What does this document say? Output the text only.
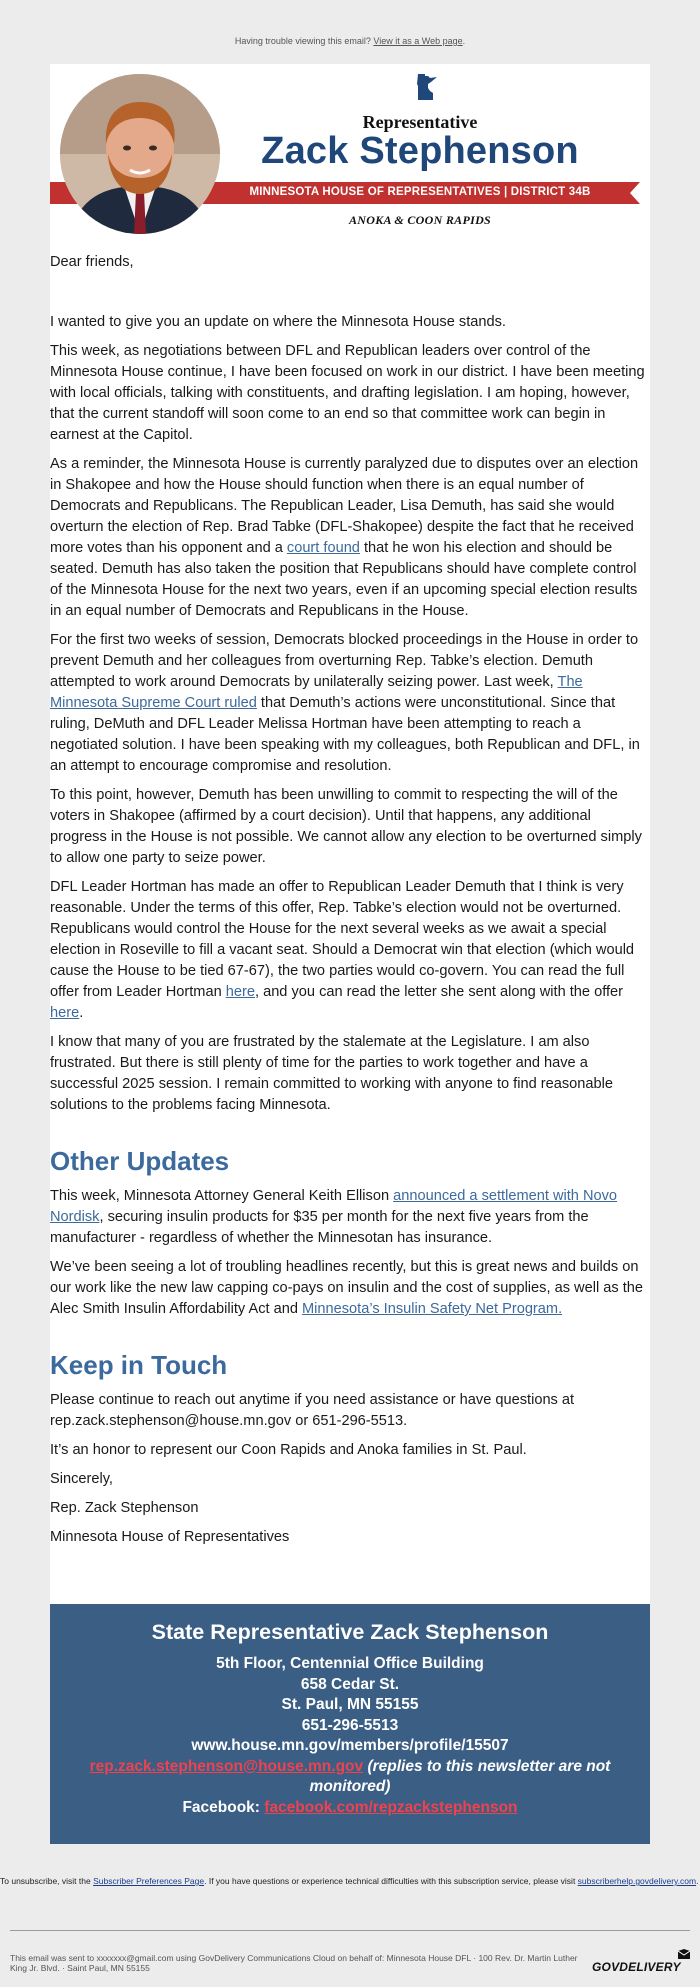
Having trouble viewing this email? View it as a Web page.
Representative
Zack Stephenson
MINNESOTA HOUSE OF REPRESENTATIVES | DISTRICT 34B
ANOKA & COON RAPIDS

Dear friends,

I wanted to give you an update on where the Minnesota House stands.

This week, as negotiations between DFL and Republican leaders over control of the Minnesota House continue, I have been focused on work in our district. I have been meeting with local officials, talking with constituents, and drafting legislation. I am hoping, however, that the current standoff will soon come to an end so that committee work can begin in earnest at the Capitol.

As a reminder, the Minnesota House is currently paralyzed due to disputes over an election in Shakopee and how the House should function when there is an equal number of Democrats and Republicans. The Republican Leader, Lisa Demuth, has said she would overturn the election of Rep. Brad Tabke (DFL-Shakopee) despite the fact that he received more votes than his opponent and a court found that he won his election and should be seated. Demuth has also taken the position that Republicans should have complete control of the Minnesota House for the next two years, even if an upcoming special election results in an equal number of Democrats and Republicans in the House.

For the first two weeks of session, Democrats blocked proceedings in the House in order to prevent Demuth and her colleagues from overturning Rep. Tabke’s election. Demuth attempted to work around Democrats by unilaterally seizing power. Last week, The Minnesota Supreme Court ruled that Demuth’s actions were unconstitutional. Since that ruling, DeMuth and DFL Leader Melissa Hortman have been attempting to reach a negotiated solution. I have been speaking with my colleagues, both Republican and DFL, in an attempt to encourage compromise and resolution.

To this point, however, Demuth has been unwilling to commit to respecting the will of the voters in Shakopee (affirmed by a court decision). Until that happens, any additional progress in the House is not possible. We cannot allow any election to be overturned simply to allow one party to seize power.

DFL Leader Hortman has made an offer to Republican Leader Demuth that I think is very reasonable. Under the terms of this offer, Rep. Tabke’s election would not be overturned. Republicans would control the House for the next several weeks as we await a special election in Roseville to fill a vacant seat. Should a Democrat win that election (which would cause the House to be tied 67-67), the two parties would co-govern. You can read the full offer from Leader Hortman here, and you can read the letter she sent along with the offer here.

I know that many of you are frustrated by the stalemate at the Legislature. I am also frustrated. But there is still plenty of time for the parties to work together and have a successful 2025 session. I remain committed to working with anyone to find reasonable solutions to the problems facing Minnesota.

Other Updates

This week, Minnesota Attorney General Keith Ellison announced a settlement with Novo Nordisk, securing insulin products for $35 per month for the next five years from the manufacturer - regardless of whether the Minnesotan has insurance.

We’ve been seeing a lot of troubling headlines recently, but this is great news and builds on our work like the new law capping co-pays on insulin and the cost of supplies, as well as the Alec Smith Insulin Affordability Act and Minnesota’s Insulin Safety Net Program.

Keep in Touch

Please continue to reach out anytime if you need assistance or have questions at rep.zack.stephenson@house.mn.gov or 651-296-5513.

It’s an honor to represent our Coon Rapids and Anoka families in St. Paul.

Sincerely,

Rep. Zack Stephenson

Minnesota House of Representatives

State Representative Zack Stephenson
5th Floor, Centennial Office Building
658 Cedar St.
St. Paul, MN 55155
651-296-5513
www.house.mn.gov/members/profile/15507
rep.zack.stephenson@house.mn.gov (replies to this newsletter are not monitored)
Facebook: facebook.com/repzackstephenson
To unsubscribe, visit the Subscriber Preferences Page. If you have questions or experience technical difficulties with this subscription service, please visit subscriberhelp.govdelivery.com.
This email was sent to xxxxxxx@gmail.com using GovDelivery Communications Cloud on behalf of: Minnesota House DFL · 100 Rev. Dr. Martin Luther King Jr. Blvd. · Saint Paul, MN 55155	GOVDELIVERY
